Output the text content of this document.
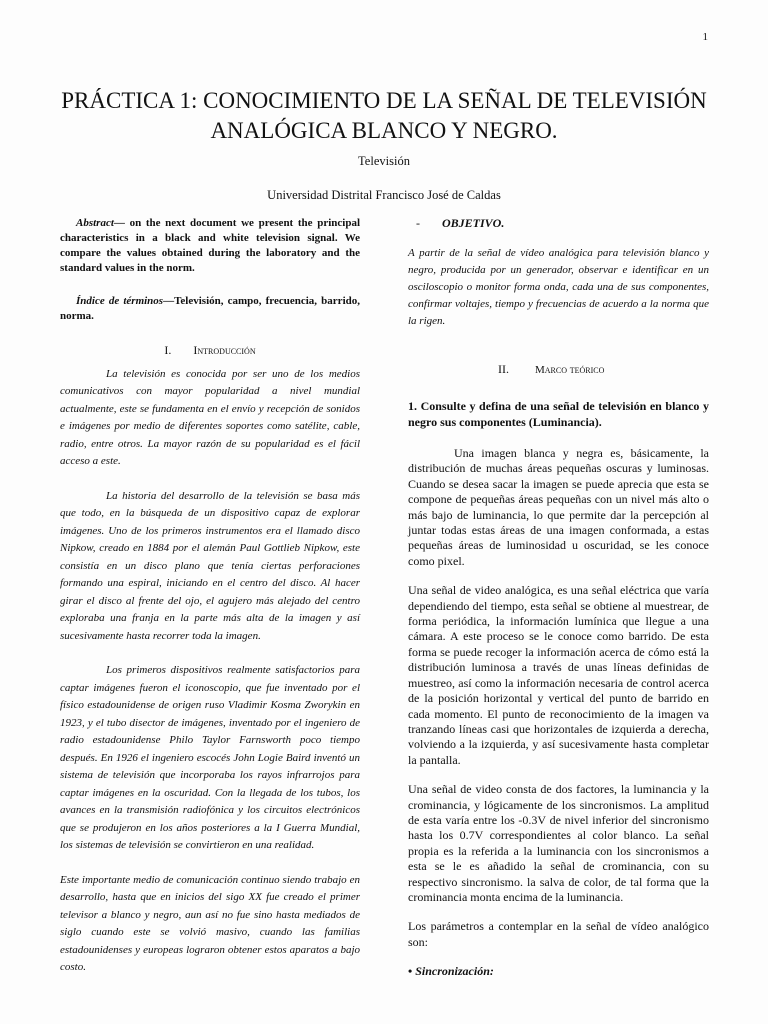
1
PRÁCTICA 1: CONOCIMIENTO DE LA SEÑAL DE TELEVISIÓN
ANALÓGICA BLANCO Y NEGRO.
Televisión
Universidad Distrital Francisco José de Caldas

Abstract— on the next document we present the principal characteristics in a black and white television signal. We compare the values obtained during the laboratory and the standard values in the norm.

Índice de términos—Televisión, campo, frecuencia, barrido, norma.

I. Introducción

La televisión es conocida por ser uno de los medios comunicativos con mayor popularidad a nivel mundial actualmente, este se fundamenta en el envío y recepción de sonidos e imágenes por medio de diferentes soportes como satélite, cable, radio, entre otros. La mayor razón de su popularidad es el fácil acceso a este.

La historia del desarrollo de la televisión se basa más que todo, en la búsqueda de un dispositivo capaz de explorar imágenes. Uno de los primeros instrumentos era el llamado disco Nipkow, creado en 1884 por el alemán Paul Gottlieb Nipkow, este consistía en un disco plano que tenía ciertas perforaciones formando una espiral, iniciando en el centro del disco. Al hacer girar el disco al frente del ojo, el agujero más alejado del centro exploraba una franja en la parte más alta de la imagen y así sucesivamente hasta recorrer toda la imagen.

Los primeros dispositivos realmente satisfactorios para captar imágenes fueron el iconoscopio, que fue inventado por el físico estadounidense de origen ruso Vladimir Kosma Zworykin en 1923, y el tubo disector de imágenes, inventado por el ingeniero de radio estadounidense Philo Taylor Farnsworth poco tiempo después. En 1926 el ingeniero escocés John Logie Baird inventó un sistema de televisión que incorporaba los rayos infrarrojos para captar imágenes en la oscuridad. Con la llegada de los tubos, los avances en la transmisión radiofónica y los circuitos electrónicos que se produjeron en los años posteriores a la I Guerra Mundial, los sistemas de televisión se convirtieron en una realidad.

Este importante medio de comunicación continuo siendo trabajo en desarrollo, hasta que en inicios del sigo XX fue creado el primer televisor a blanco y negro, aun así no fue sino hasta mediados de siglo cuando este se volvió masivo, cuando las familias estadounidenses y europeas lograron obtener estos aparatos a bajo costo.

- OBJETIVO.

A partir de la señal de vídeo analógica para televisión blanco y negro, producida por un generador, observar e identificar en un osciloscopio o monitor forma onda, cada una de sus componentes, confirmar voltajes, tiempo y frecuencias de acuerdo a la norma que la rigen.

II. Marco teórico

1. Consulte y defina de una señal de televisión en blanco y negro sus componentes (Luminancia).

Una imagen blanca y negra es, básicamente, la distribución de muchas áreas pequeñas oscuras y luminosas. Cuando se desea sacar la imagen se puede aprecia que esta se compone de pequeñas áreas pequeñas con un nivel más alto o más bajo de luminancia, lo que permite dar la percepción al juntar todas estas áreas de una imagen conformada, a estas pequeñas áreas de luminosidad u oscuridad, se les conoce como pixel.

Una señal de video analógica, es una señal eléctrica que varía dependiendo del tiempo, esta señal se obtiene al muestrear, de forma periódica, la información lumínica que llegue a una cámara. A este proceso se le conoce como barrido. De esta forma se puede recoger la información acerca de cómo está la distribución luminosa a través de unas líneas definidas de muestreo, así como la información necesaria de control acerca de la posición horizontal y vertical del punto de barrido en cada momento. El punto de reconocimiento de la imagen va tranzando líneas casi que horizontales de izquierda a derecha, volviendo a la izquierda, y así sucesivamente hasta completar la pantalla.

Una señal de video consta de dos factores, la luminancia y la crominancia, y lógicamente de los sincronismos. La amplitud de esta varía entre los -0.3V de nivel inferior del sincronismo hasta los 0.7V correspondientes al color blanco. La señal propia es la referida a la luminancia con los sincronismos a esta se le es añadido la señal de crominancia, con su respectivo sincronismo. la salva de color, de tal forma que la crominancia monta encima de la luminancia.

Los parámetros a contemplar en la señal de vídeo analógico son:

• Sincronización:
